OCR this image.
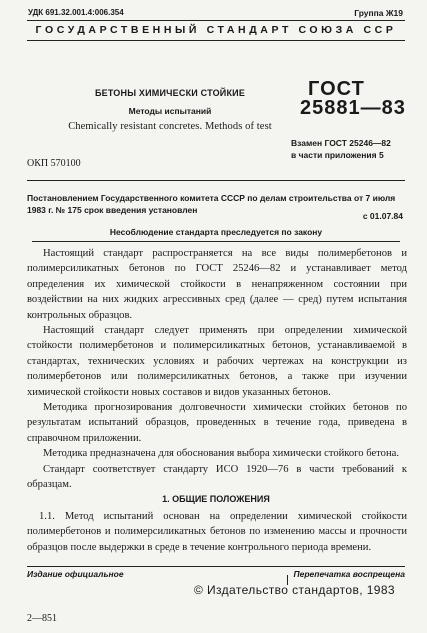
УДК 691.32.001.4:006.354	Группа Ж19
ГОСУДАРСТВЕННЫЙ СТАНДАРТ СОЮЗА ССР
БЕТОНЫ ХИМИЧЕСКИ СТОЙКИЕ
Методы испытаний
Chemically resistant concretes. Methods of test
ГОСТ
25881—83
Взамен ГОСТ 25246—82
в части приложения 5
ОКП 570100
Постановлением Государственного комитета СССР по делам строительства от 7 июля 1983 г. № 175 срок введения установлен
с 01.07.84
Несоблюдение стандарта преследуется по закону

Настоящий стандарт распространяется на все виды полимербетонов и полимерсиликатных бетонов по ГОСТ 25246—82 и устанавливает метод определения их химической стойкости в ненапряженном состоянии при воздействии на них жидких агрессивных сред (далее — сред) путем испытания контрольных образцов.

Настоящий стандарт следует применять при определении химической стойкости полимербетонов и полимерсиликатных бетонов, устанавливаемой в стандартах, технических условиях и рабочих чертежах на конструкции из полимербетонов или полимерсиликатных бетонов, а также при изучении химической стойкости новых составов и видов указанных бетонов.

Методика прогнозирования долговечности химически стойких бетонов по результатам испытаний образцов, проведенных в течение года, приведена в справочном приложении.

Методика предназначена для обоснования выбора химически стойкого бетона.

Стандарт соответствует стандарту ИСО 1920—76 в части требований к образцам.

1. ОБЩИЕ ПОЛОЖЕНИЯ

1.1. Метод испытаний основан на определении химической стойкости полимербетонов и полимерсиликатных бетонов по изменению массы и прочности образцов после выдержки в среде в течение контрольного периода времени.

Издание официальное	Перепечатка воспрещена
© Издательство стандартов, 1983
2—851
